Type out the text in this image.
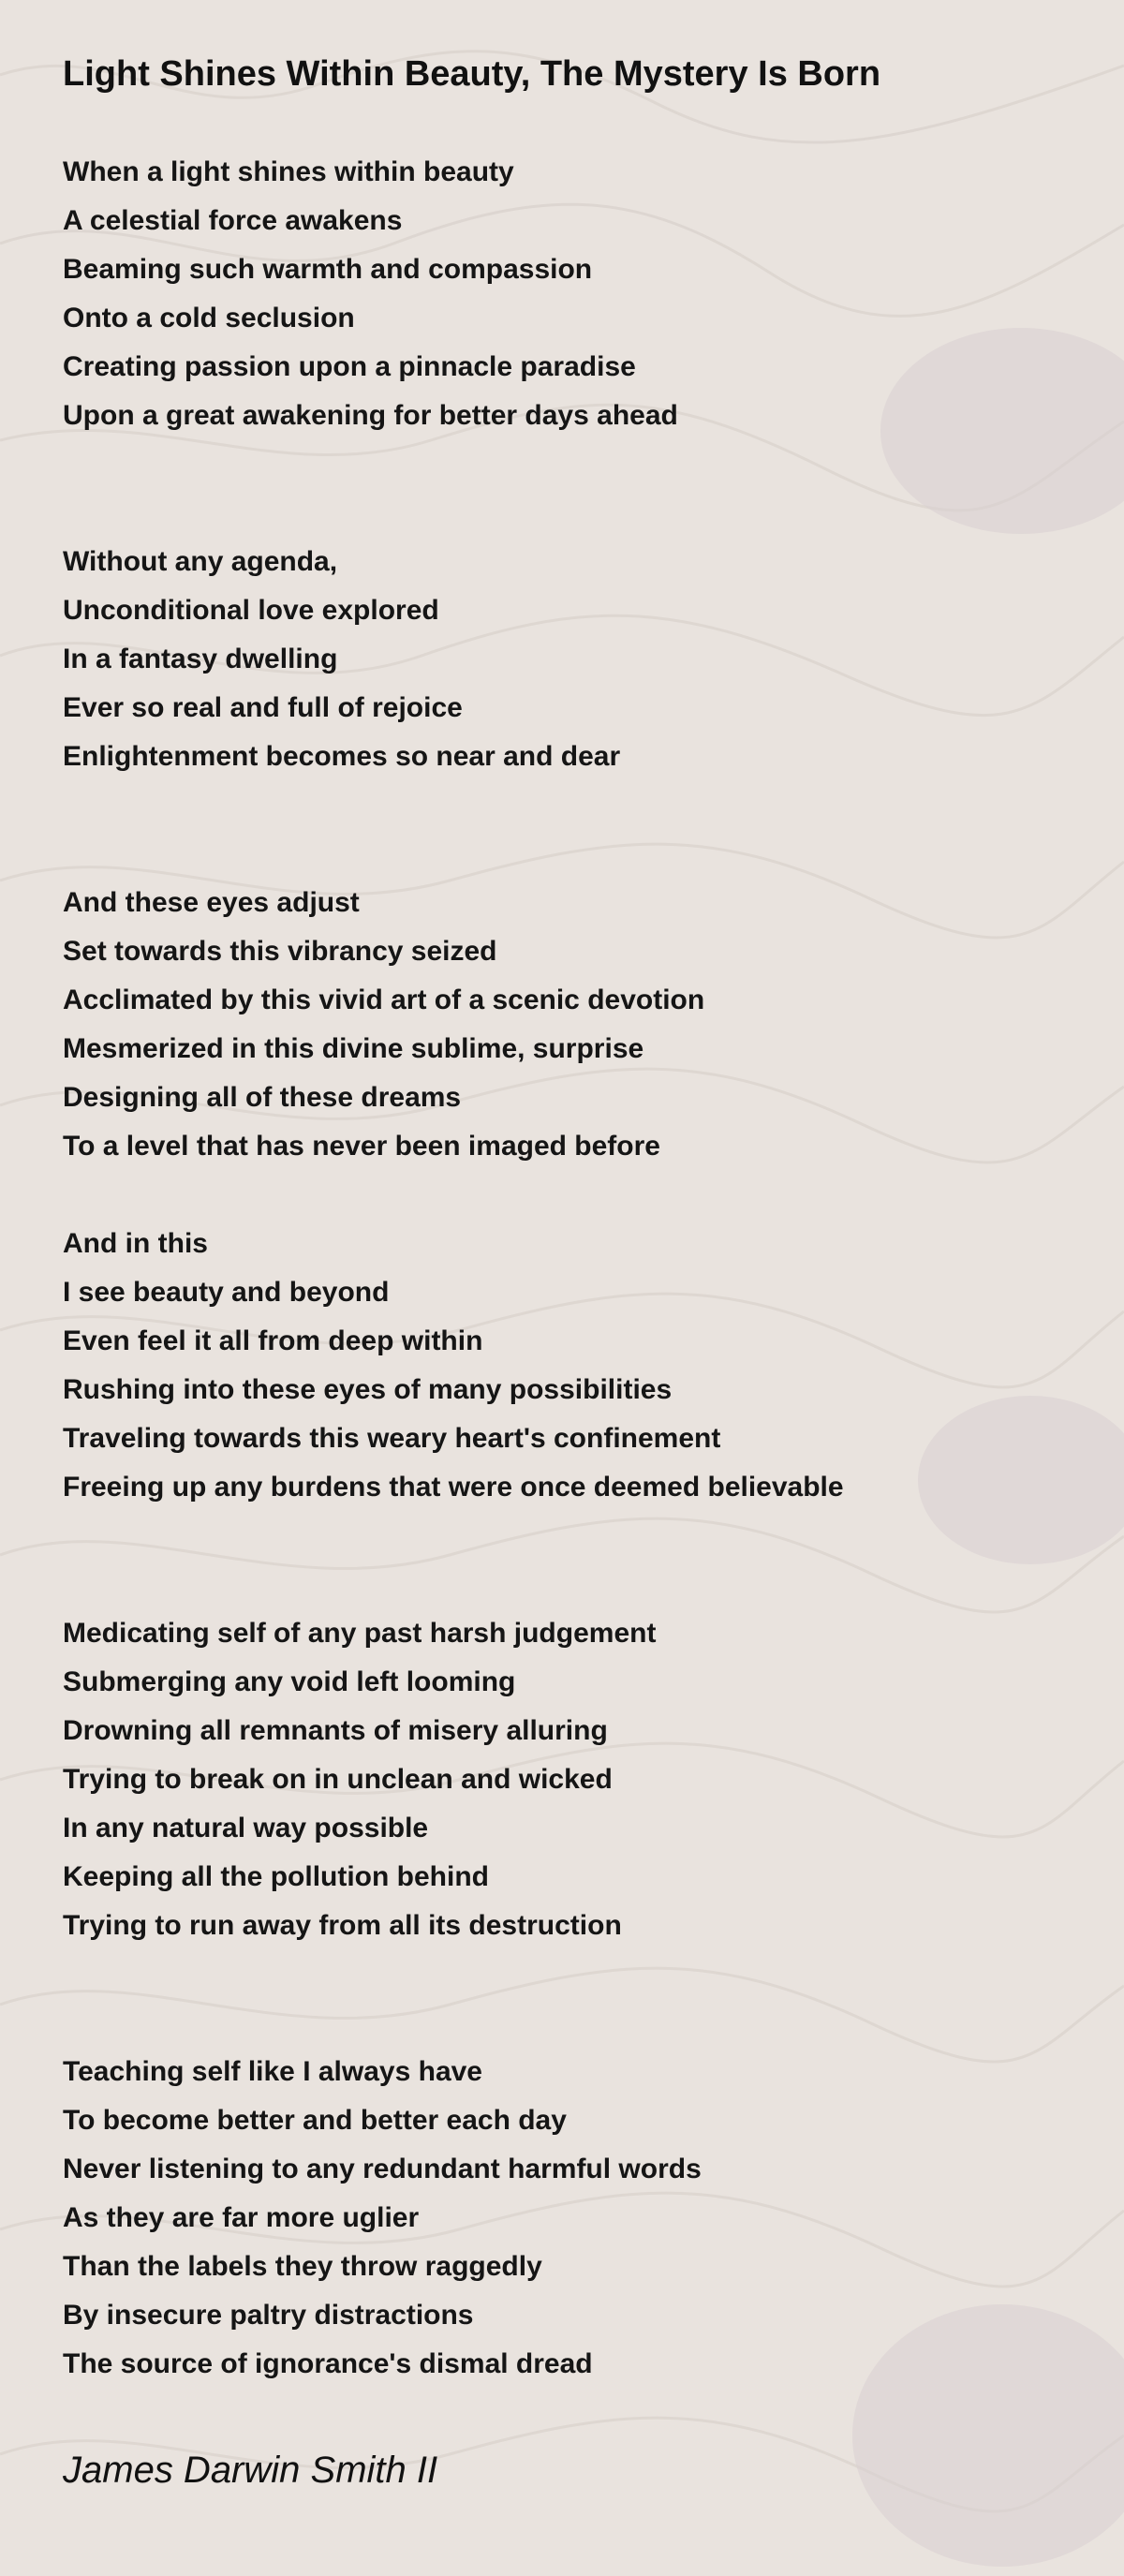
Light Shines Within Beauty, The Mystery Is Born
When a light shines within beauty
A celestial force awakens
Beaming such warmth and compassion
Onto a cold seclusion
Creating passion upon a pinnacle paradise
Upon a great awakening for better days ahead
Without any agenda,
Unconditional love explored
In a fantasy dwelling
Ever so real and full of rejoice
Enlightenment becomes so near and dear
And these eyes adjust
Set towards this vibrancy seized
Acclimated by this vivid art of a scenic devotion
Mesmerized in this divine sublime, surprise
Designing all of these dreams
To a level that has never been imaged before
And in this
I see beauty and beyond
Even feel it all from deep within
Rushing into these eyes of many possibilities
Traveling towards this weary heart's confinement
Freeing up any burdens that were once deemed believable
Medicating self of any past harsh judgement
Submerging any void left looming
Drowning all remnants of misery alluring
Trying to break on in unclean and wicked
In any natural way possible
Keeping all the pollution behind
Trying to run away from all its destruction
Teaching self like I always have
To become better and better each day
Never listening to any redundant harmful words
As they are far more uglier
Than the labels they throw raggedly
By insecure paltry distractions
The source of ignorance's dismal dread
James Darwin Smith II
